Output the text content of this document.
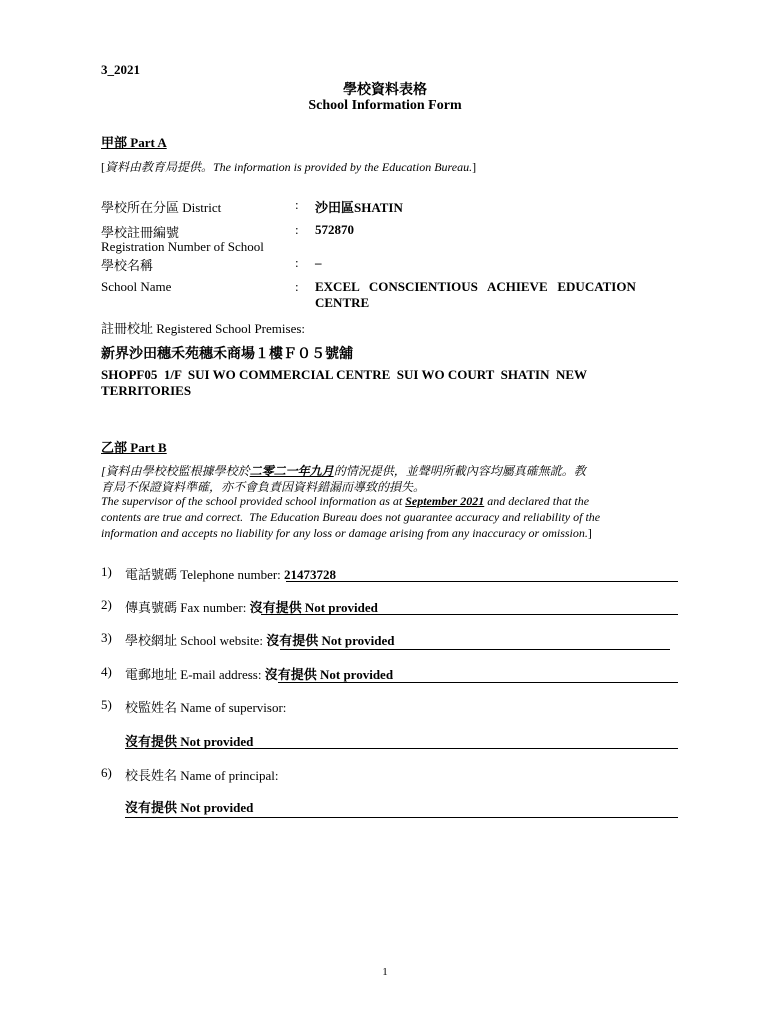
3_2021
學校資料表格
School Information Form
甲部 Part A
[資料由教育局提供。The information is provided by the Education Bureau.]
學校所在分區 District	: 沙田區SHATIN
學校註冊編號	: 572870
Registration Number of School
學校名稱	: –
School Name	: EXCEL   CONSCIENTIOUS   ACHIEVE   EDUCATION
CENTRE
註冊校址 Registered School Premises:
新界沙田穗禾苑穗禾商場１樓Ｆ０５號舖
SHOPF05  1/F  SUI WO COMMERCIAL CENTRE  SUI WO COURT  SHATIN  NEW
TERRITORIES
乙部 Part B
[資料由學校校監根據學校於二零二一年九月的情況提供，並聲明所載內容均屬真確無訛。教
育局不保證資料準確，亦不會負責因資料錯漏而導致的損失。
The supervisor of the school provided school information as at September 2021 and declared that the
contents are true and correct.  The Education Bureau does not guarantee accuracy and reliability of the
information and accepts no liability for any loss or damage arising from any inaccuracy or omission.]
1) 電話號碼 Telephone number: 21473728
2) 傳真號碼 Fax number: 沒有提供 Not provided
3) 學校網址 School website: 沒有提供 Not provided
4) 電郵地址 E-mail address: 沒有提供 Not provided
5) 校監姓名 Name of supervisor:
沒有提供 Not provided
6) 校長姓名 Name of principal:
沒有提供 Not provided
1
